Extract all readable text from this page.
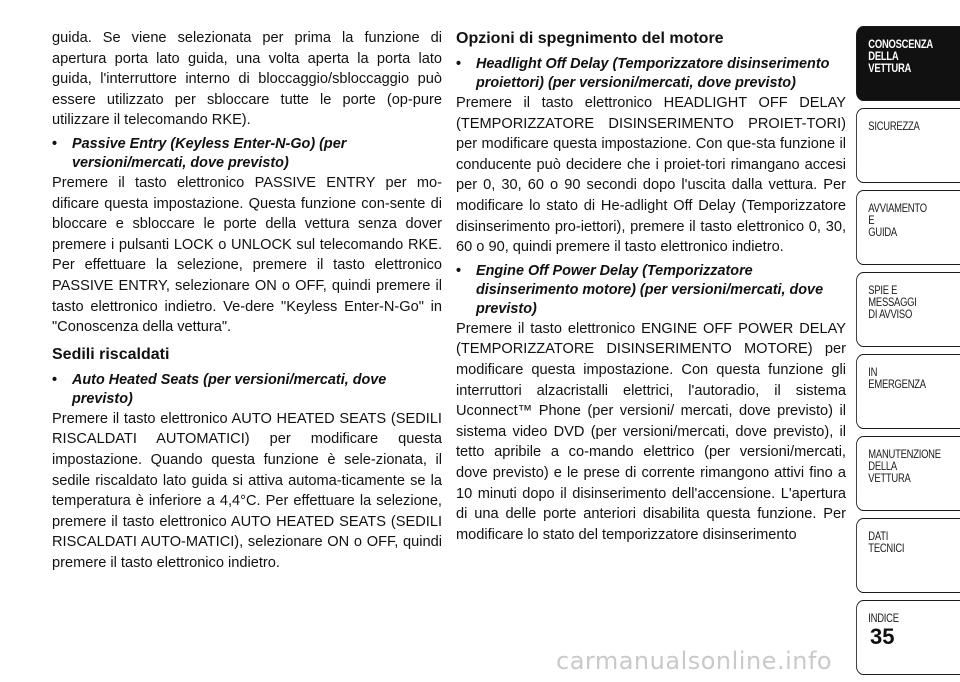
guida. Se viene selezionata per prima la funzione di apertura porta lato guida, una volta aperta la porta lato guida, l'interruttore interno di bloccaggio/sbloccaggio può essere utilizzato per sbloccare tutte le porte (op-pure utilizzare il telecomando RKE).

• Passive Entry (Keyless Enter-N-Go) (per versioni/mercati, dove previsto)

Premere il tasto elettronico PASSIVE ENTRY per mo-dificare questa impostazione. Questa funzione con-sente di bloccare e sbloccare le porte della vettura senza dover premere i pulsanti LOCK o UNLOCK sul telecomando RKE. Per effettuare la selezione, premere il tasto elettronico PASSIVE ENTRY, selezionare ON o OFF, quindi premere il tasto elettronico indietro. Ve-dere "Keyless Enter-N-Go" in "Conoscenza della vettura".

Sedili riscaldati
• Auto Heated Seats (per versioni/mercati, dove previsto)

Premere il tasto elettronico AUTO HEATED SEATS (SEDILI RISCALDATI AUTOMATICI) per modificare questa impostazione. Quando questa funzione è sele-zionata, il sedile riscaldato lato guida si attiva automa-ticamente se la temperatura è inferiore a 4,4°C. Per effettuare la selezione, premere il tasto elettronico AUTO HEATED SEATS (SEDILI RISCALDATI AUTO-MATICI), selezionare ON o OFF, quindi premere il tasto elettronico indietro.

Opzioni di spegnimento del motore
• Headlight Off Delay (Temporizzatore disinserimento proiettori) (per versioni/mercati, dove previsto)

Premere il tasto elettronico HEADLIGHT OFF DELAY (TEMPORIZZATORE DISINSERIMENTO PROIET-TORI) per modificare questa impostazione. Con que-sta funzione il conducente può decidere che i proiet-tori rimangano accesi per 0, 30, 60 o 90 secondi dopo l'uscita dalla vettura. Per modificare lo stato di He-adlight Off Delay (Temporizzatore disinserimento pro-iettori), premere il tasto elettronico 0, 30, 60 o 90, quindi premere il tasto elettronico indietro.

• Engine Off Power Delay (Temporizzatore disinserimento motore) (per versioni/mercati, dove previsto)

Premere il tasto elettronico ENGINE OFF POWER DELAY (TEMPORIZZATORE DISINSERIMENTO MOTORE) per modificare questa impostazione. Con questa funzione gli interruttori alzacristalli elettrici, l'autoradio, il sistema Uconnect™ Phone (per versioni/ mercati, dove previsto) il sistema video DVD (per versioni/mercati, dove previsto), il tetto apribile a co-mando elettrico (per versioni/mercati, dove previsto) e le prese di corrente rimangono attivi fino a 10 minuti dopo il disinserimento dell'accensione. L'apertura di una delle porte anteriori disabilita questa funzione. Per modificare lo stato del temporizzatore disinserimento

CONOSCENZA
DELLA
VETTURA
SICUREZZA
AVVIAMENTO
E
GUIDA
SPIE E
MESSAGGI
DI AVVISO
IN
EMERGENZA
MANUTENZIONE
DELLA
VETTURA
DATI
TECNICI
INDICE
35
carmanualsonline.info
